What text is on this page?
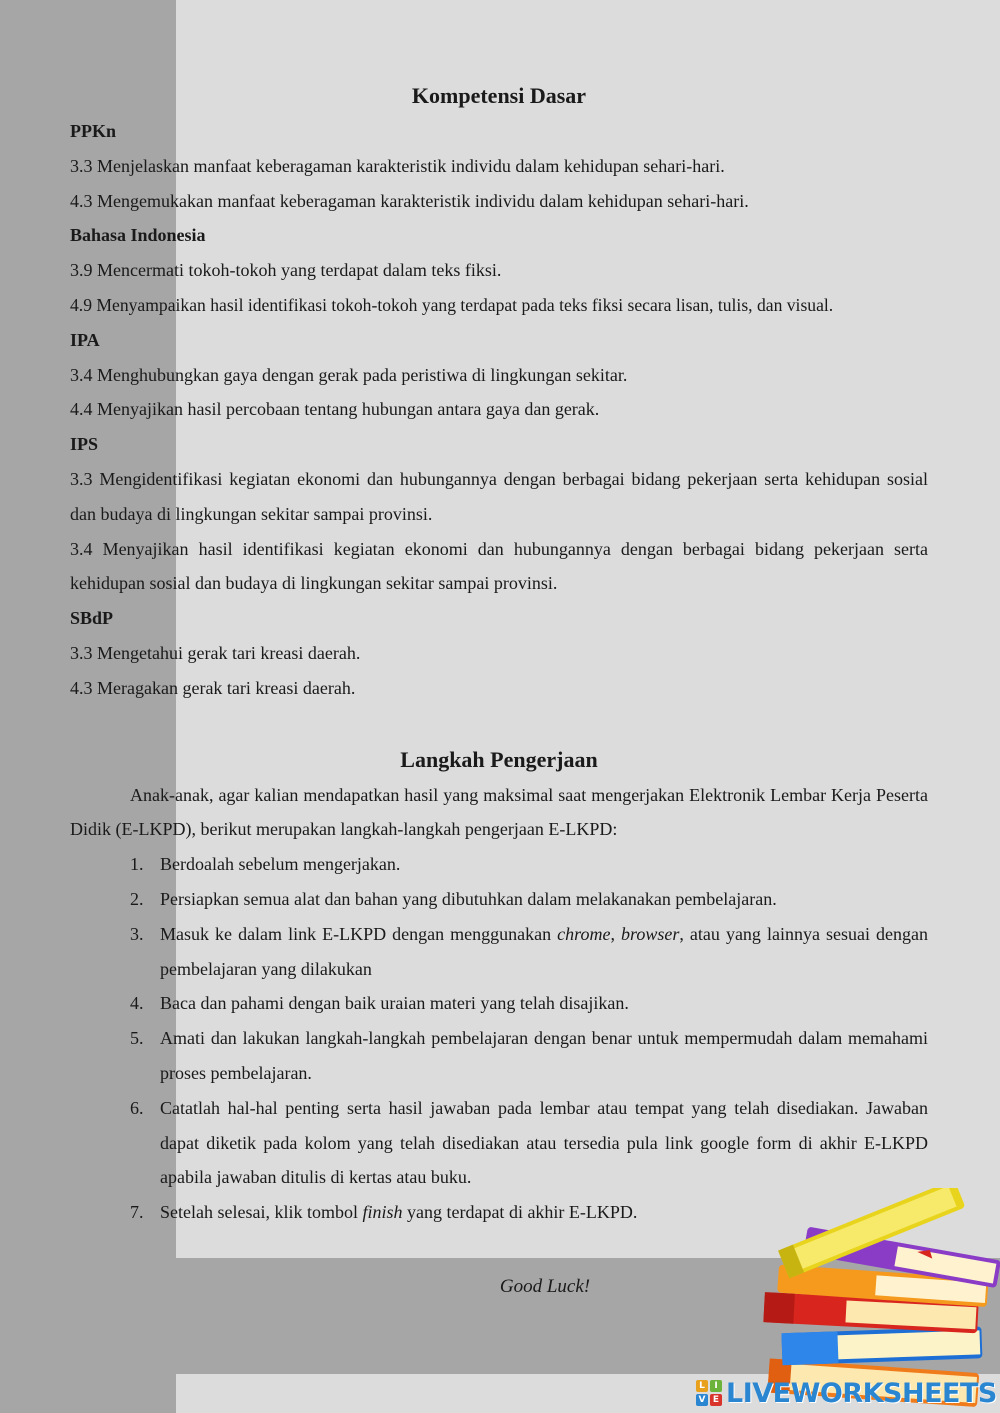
Kompetensi Dasar
PPKn
3.3 Menjelaskan manfaat keberagaman karakteristik individu dalam kehidupan sehari-hari.
4.3 Mengemukakan manfaat keberagaman karakteristik individu dalam kehidupan sehari-hari.
Bahasa Indonesia
3.9 Mencermati tokoh-tokoh yang terdapat dalam teks fiksi.
4.9 Menyampaikan hasil identifikasi tokoh-tokoh yang terdapat pada teks fiksi secara lisan, tulis, dan visual.
IPA
3.4 Menghubungkan gaya dengan gerak pada peristiwa di lingkungan sekitar.
4.4 Menyajikan hasil percobaan tentang hubungan antara gaya dan gerak.
IPS
3.3 Mengidentifikasi kegiatan ekonomi dan hubungannya dengan berbagai bidang pekerjaan serta kehidupan sosial dan budaya di lingkungan sekitar sampai provinsi.
3.4 Menyajikan hasil identifikasi kegiatan ekonomi dan hubungannya dengan berbagai bidang pekerjaan serta kehidupan sosial dan budaya di lingkungan sekitar sampai provinsi.
SBdP
3.3 Mengetahui gerak tari kreasi daerah.
4.3 Meragakan gerak tari kreasi daerah.
Langkah Pengerjaan
Anak-anak, agar kalian mendapatkan hasil yang maksimal saat mengerjakan Elektronik Lembar Kerja Peserta Didik (E-LKPD), berikut merupakan langkah-langkah pengerjaan E-LKPD:
1 . Berdoalah sebelum mengerjakan.
2 . Persiapkan semua alat dan bahan yang dibutuhkan dalam melakanakan pembelajaran.
3 . Masuk ke dalam link E-LKPD dengan menggunakan chrome, browser, atau yang lainnya sesuai dengan pembelajaran yang dilakukan
4 . Baca dan pahami dengan baik uraian materi yang telah disajikan.
5 . Amati dan lakukan langkah-langkah pembelajaran dengan benar untuk mempermudah dalam memahami proses pembelajaran.
6 . Catatlah hal-hal penting serta hasil jawaban pada lembar atau tempat yang telah disediakan. Jawaban dapat diketik pada kolom yang telah disediakan atau tersedia pula link google form di akhir E-LKPD apabila jawaban ditulis di kertas atau buku.
7 . Setelah selesai, klik tombol finish yang terdapat di akhir E-LKPD.
Good Luck!
L	I
V E LIVEWORKSHEETS
